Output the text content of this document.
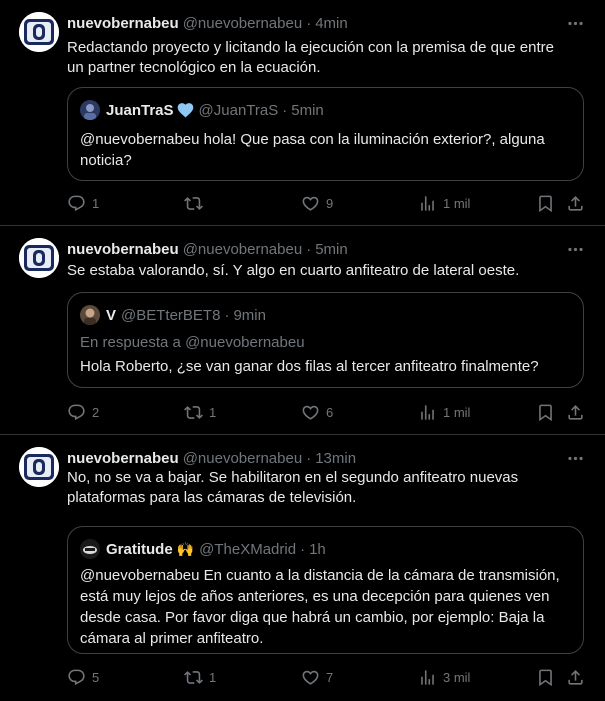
nuevobernabeu @nuevobernabeu · 4min
Redactando proyecto y licitando la ejecución con la premisa de que entre
un partner tecnológico en la ecuación.
JuanTraS @JuanTraS · 5min
@nuevobernabeu hola! Que pasa con la iluminación exterior?, alguna
noticia?
1	9	1 mil
nuevobernabeu @nuevobernabeu · 5min
Se estaba valorando, sí. Y algo en cuarto anfiteatro de lateral oeste.
V @BETterBET8 · 9min
En respuesta a @nuevobernabeu
Hola Roberto, ¿se van ganar dos filas al tercer anfiteatro finalmente?
2	1	6	1 mil
nuevobernabeu @nuevobernabeu · 13min
No, no se va a bajar. Se habilitaron en el segundo anfiteatro nuevas
plataformas para las cámaras de televisión.
Gratitude 🙌 @TheXMadrid · 1h
@nuevobernabeu En cuanto a la distancia de la cámara de transmisión,
está muy lejos de años anteriores, es una decepción para quienes ven
desde casa. Por favor diga que habrá un cambio, por ejemplo: Baja la
cámara al primer anfiteatro.
5	1	7	3 mil
